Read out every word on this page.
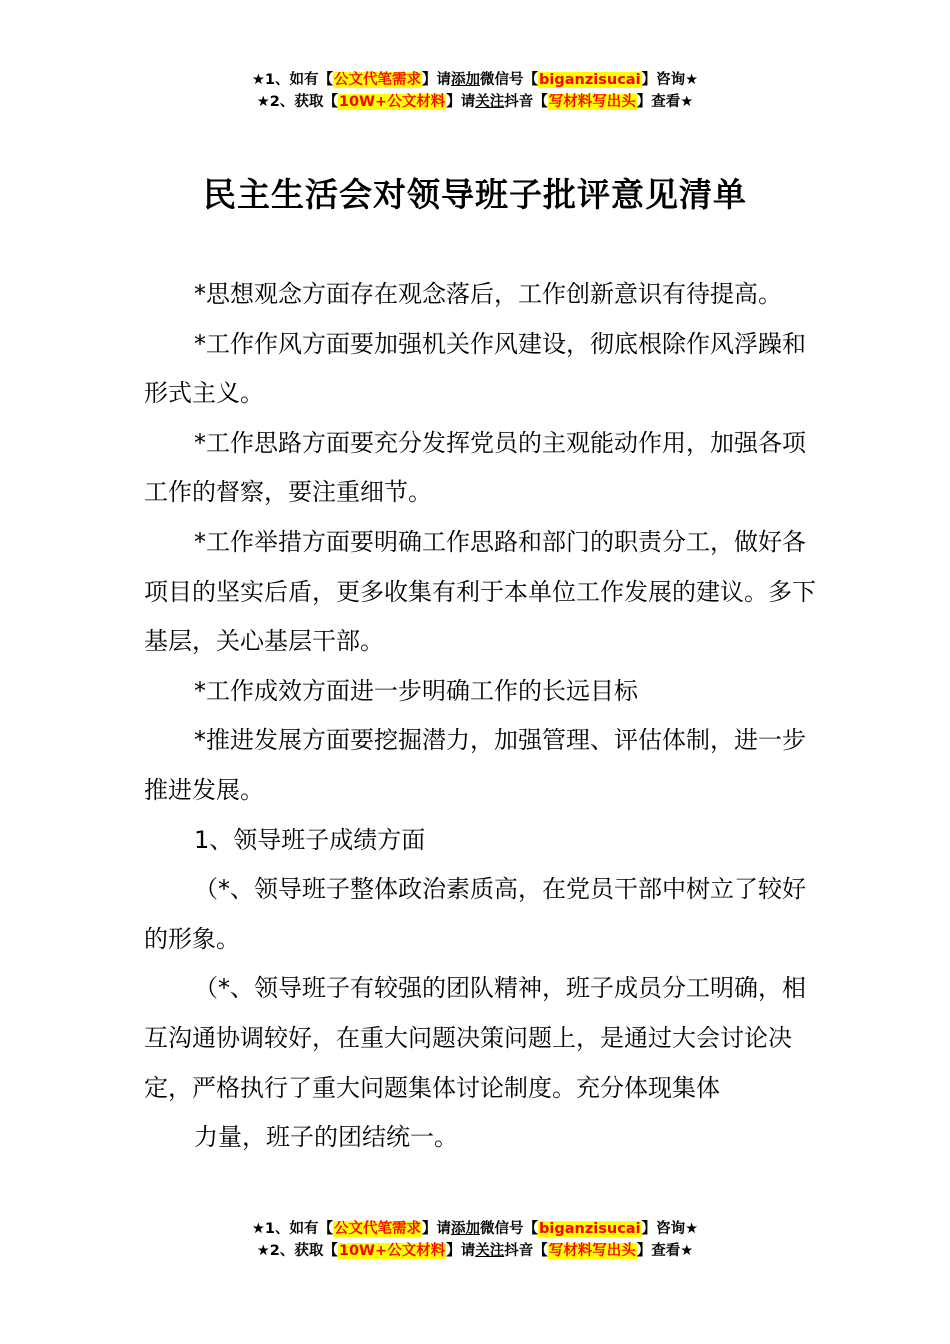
★1、如有【公文代笔需求】请添加微信号【biganzisucai】咨询★
★2、获取【10W+公文材料】请关注抖音【写材料写出头】查看★
民主生活会对领导班子批评意见清单

*思想观念方面存在观念落后，工作创新意识有待提高。

*工作作风方面要加强机关作风建设，彻底根除作风浮躁和形式主义。

*工作思路方面要充分发挥党员的主观能动作用，加强各项工作的督察，要注重细节。

*工作举措方面要明确工作思路和部门的职责分工，做好各项目的坚实后盾，更多收集有利于本单位工作发展的建议。多下基层，关心基层干部。

*工作成效方面进一步明确工作的长远目标

*推进发展方面要挖掘潜力，加强管理、评估体制，进一步推进发展。

1、领导班子成绩方面

（*、领导班子整体政治素质高，在党员干部中树立了较好的形象。

（*、领导班子有较强的团队精神，班子成员分工明确，相互沟通协调较好，在重大问题决策问题上，是通过大会讨论决定，严格执行了重大问题集体讨论制度。充分体现集体

力量，班子的团结统一。

★1、如有【公文代笔需求】请添加微信号【biganzisucai】咨询★
★2、获取【10W+公文材料】请关注抖音【写材料写出头】查看★
